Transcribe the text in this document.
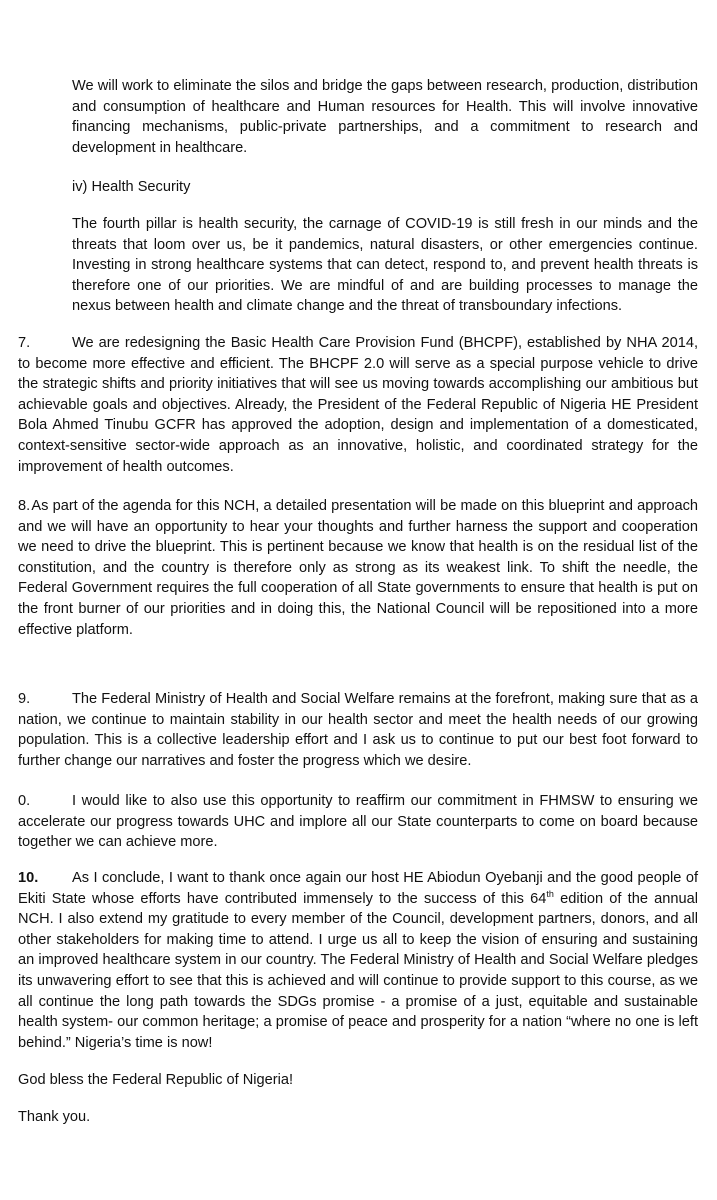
We will work to eliminate the silos and bridge the gaps between research, production, distribution and consumption of healthcare and Human resources for Health. This will involve innovative financing mechanisms, public-private partnerships, and a commitment to research and development in healthcare.

iv) Health Security

The fourth pillar is health security, the carnage of COVID-19 is still fresh in our minds and the threats that loom over us, be it pandemics, natural disasters, or other emergencies continue. Investing in strong healthcare systems that can detect, respond to, and prevent health threats is therefore one of our priorities. We are mindful of and are building processes to manage the nexus between health and climate change and the threat of transboundary infections.

7.	We are redesigning the Basic Health Care Provision Fund (BHCPF), established by NHA 2014, to become more effective and efficient. The BHCPF 2.0 will serve as a special purpose vehicle to drive the strategic shifts and priority initiatives that will see us moving towards accomplishing our ambitious but achievable goals and objectives. Already, the President of the Federal Republic of Nigeria HE President Bola Ahmed Tinubu GCFR has approved the adoption, design and implementation of a domesticated, context-sensitive sector-wide approach as an innovative, holistic, and coordinated strategy for the improvement of health outcomes.

8. As part of the agenda for this NCH, a detailed presentation will be made on this blueprint and approach and we will have an opportunity to hear your thoughts and further harness the support and cooperation we need to drive the blueprint. This is pertinent because we know that health is on the residual list of the constitution, and the country is therefore only as strong as its weakest link. To shift the needle, the Federal Government requires the full cooperation of all State governments to ensure that health is put on the front burner of our priorities and in doing this, the National Council will be repositioned into a more effective platform.

9.	The Federal Ministry of Health and Social Welfare remains at the forefront, making sure that as a nation, we continue to maintain stability in our health sector and meet the health needs of our growing population. This is a collective leadership effort and I ask us to continue to put our best foot forward to further change our narratives and foster the progress which we desire.

0.	I would like to also use this opportunity to reaffirm our commitment in FHMSW to ensuring we accelerate our progress towards UHC and implore all our State counterparts to come on board because together we can achieve more.

10. As I conclude, I want to thank once again our host HE Abiodun Oyebanji and the good people of Ekiti State whose efforts have contributed immensely to the success of this 64th edition of the annual NCH. I also extend my gratitude to every member of the Council, development partners, donors, and all other stakeholders for making time to attend. I urge us all to keep the vision of ensuring and sustaining an improved healthcare system in our country. The Federal Ministry of Health and Social Welfare pledges its unwavering effort to see that this is achieved and will continue to provide support to this course, as we all continue the long path towards the SDGs promise - a promise of a just, equitable and sustainable health system- our common heritage; a promise of peace and prosperity for a nation “where no one is left behind.” Nigeria’s time is now!

God bless the Federal Republic of Nigeria!

Thank you.
